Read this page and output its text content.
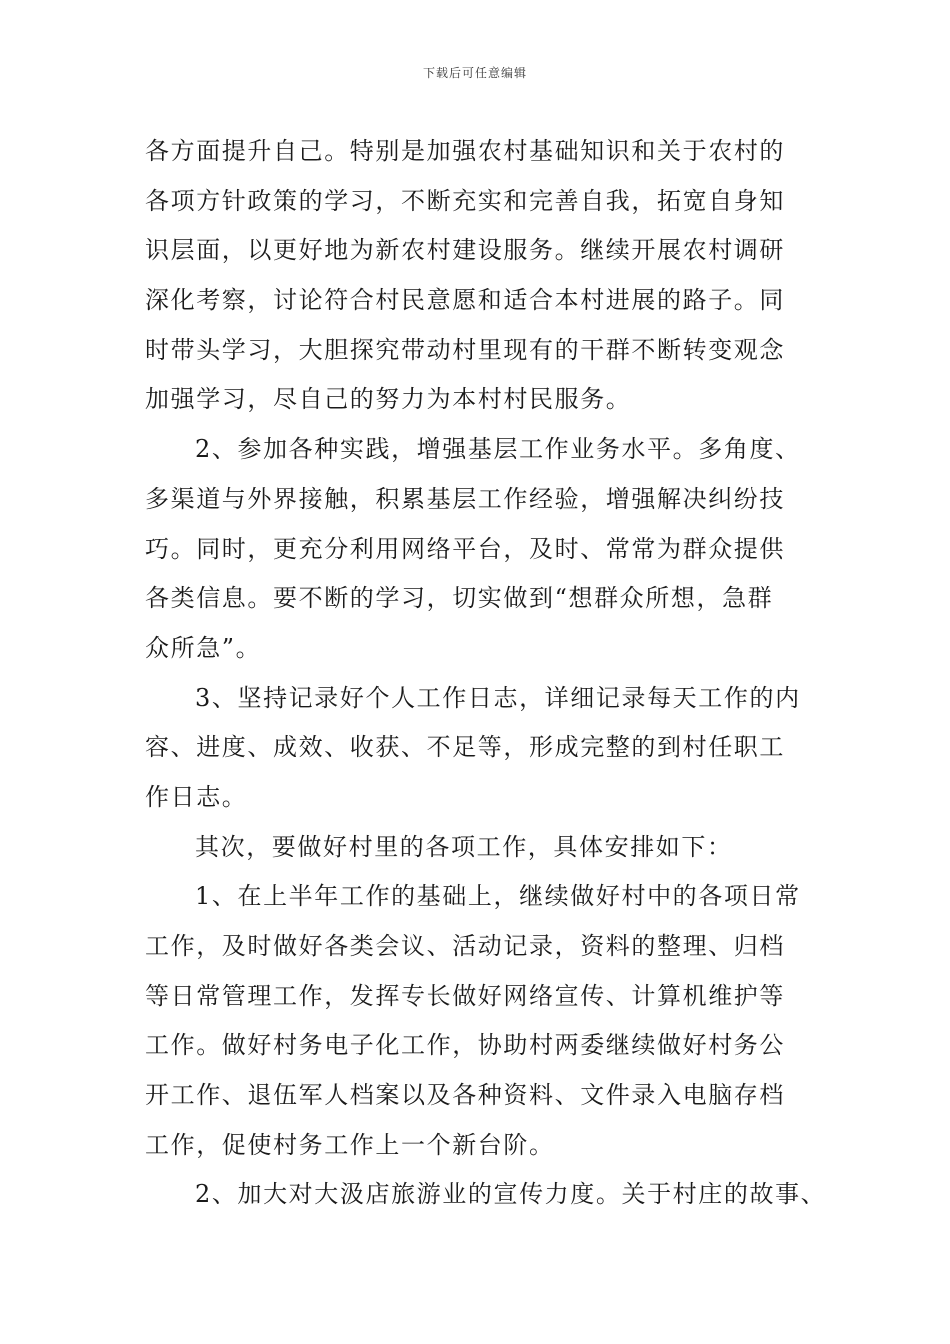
下载后可任意编辑
各方面提升自己。特别是加强农村基础知识和关于农村的
各项方针政策的学习，不断充实和完善自我，拓宽自身知
识层面，以更好地为新农村建设服务。继续开展农村调研
深化考察，讨论符合村民意愿和适合本村进展的路子。同
时带头学习，大胆探究带动村里现有的干群不断转变观念
加强学习，尽自己的努力为本村村民服务。
2、参加各种实践，增强基层工作业务水平。多角度、
多渠道与外界接触，积累基层工作经验，增强解决纠纷技
巧。同时，更充分利用网络平台，及时、常常为群众提供
各类信息。要不断的学习，切实做到“想群众所想，急群
众所急”。
3、坚持记录好个人工作日志，详细记录每天工作的内
容、进度、成效、收获、不足等，形成完整的到村任职工
作日志。
其次，要做好村里的各项工作，具体安排如下：
1、在上半年工作的基础上，继续做好村中的各项日常
工作，及时做好各类会议、活动记录，资料的整理、归档
等日常管理工作，发挥专长做好网络宣传、计算机维护等
工作。做好村务电子化工作，协助村两委继续做好村务公
开工作、退伍军人档案以及各种资料、文件录入电脑存档
工作，促使村务工作上一个新台阶。
2、加大对大汲店旅游业的宣传力度。关于村庄的故事、
